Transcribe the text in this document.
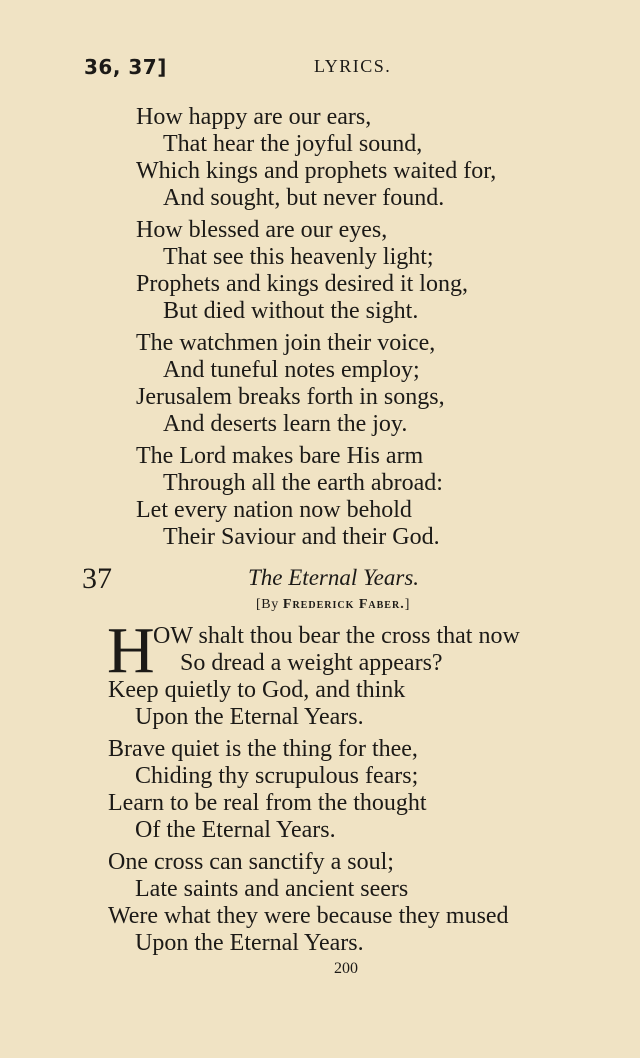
36, 37]	LYRICS.
How happy are our ears,
That hear the joyful sound,
Which kings and prophets waited for,
And sought, but never found.
How blessed are our eyes,
That see this heavenly light;
Prophets and kings desired it long,
But died without the sight.
The watchmen join their voice,
And tuneful notes employ;
Jerusalem breaks forth in songs,
And deserts learn the joy.
The Lord makes bare His arm
Through all the earth abroad:
Let every nation now behold
Their Saviour and their God.
37	The Eternal Years.
[By Frederick Faber.]
H
OW shalt thou bear the cross that now
So dread a weight appears?
Keep quietly to God, and think
Upon the Eternal Years.
Brave quiet is the thing for thee,
Chiding thy scrupulous fears;
Learn to be real from the thought
Of the Eternal Years.
One cross can sanctify a soul;
Late saints and ancient seers
Were what they were because they mused
Upon the Eternal Years.
200
